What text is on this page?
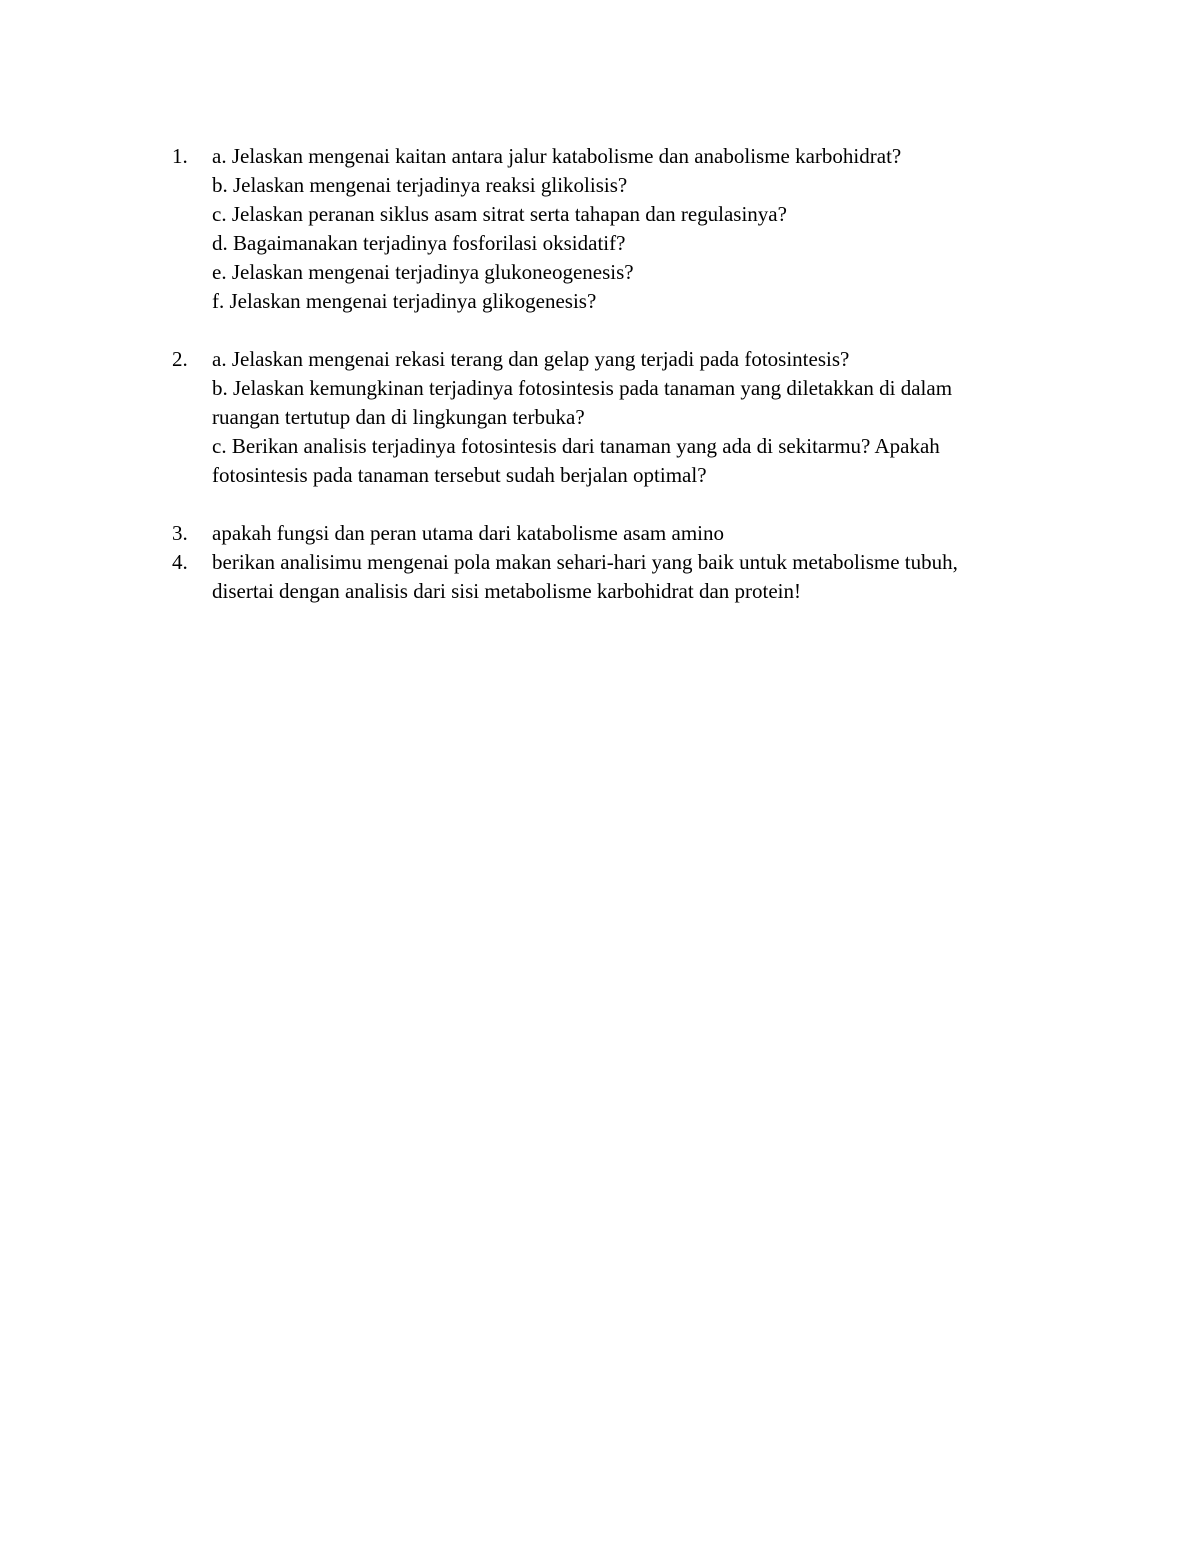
1.	a. Jelaskan mengenai kaitan antara jalur katabolisme dan anabolisme karbohidrat?
b. Jelaskan mengenai terjadinya reaksi glikolisis?
c. Jelaskan peranan siklus asam sitrat serta tahapan dan regulasinya?
d. Bagaimanakan terjadinya fosforilasi oksidatif?
e. Jelaskan mengenai terjadinya glukoneogenesis?
f. Jelaskan mengenai terjadinya glikogenesis?
2.	a. Jelaskan mengenai rekasi terang dan gelap yang terjadi pada fotosintesis?
b. Jelaskan kemungkinan terjadinya fotosintesis pada tanaman yang diletakkan di dalam
ruangan tertutup dan di lingkungan terbuka?
c. Berikan analisis terjadinya fotosintesis dari tanaman yang ada di sekitarmu? Apakah
fotosintesis pada tanaman tersebut sudah berjalan optimal?
3.	apakah fungsi dan peran utama dari katabolisme asam amino
4.	berikan analisimu mengenai pola makan sehari-hari yang baik untuk metabolisme tubuh,
disertai dengan analisis dari sisi metabolisme karbohidrat dan protein!
